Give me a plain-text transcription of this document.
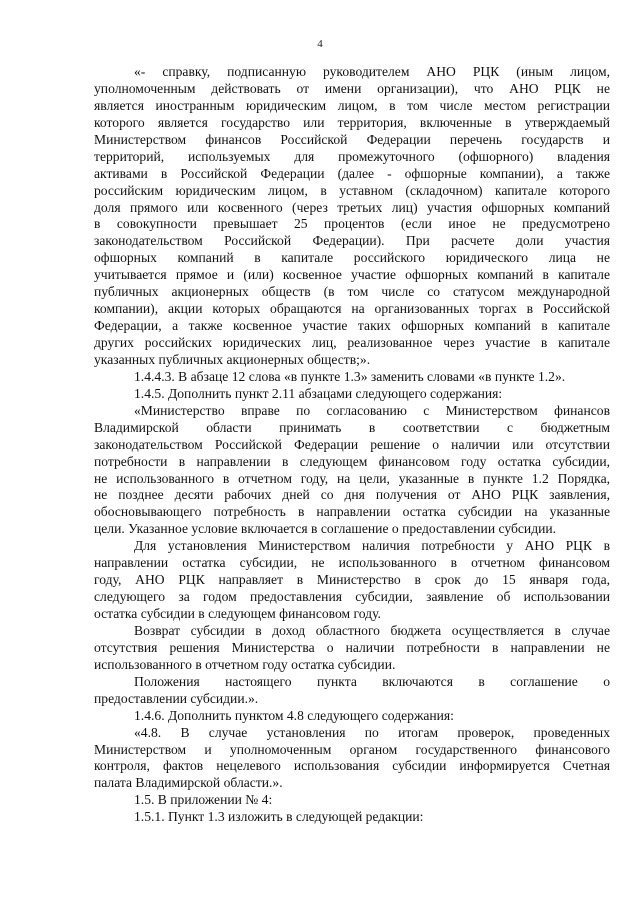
4
«- справку, подписанную руководителем АНО РЦК (иным лицом,
уполномоченным действовать от имени организации), что АНО РЦК не
является иностранным юридическим лицом, в том числе местом регистрации
которого является государство или территория, включенные в утверждаемый
Министерством финансов Российской Федерации перечень государств и
территорий, используемых для промежуточного (офшорного) владения
активами в Российской Федерации (далее - офшорные компании), а также
российским юридическим лицом, в уставном (складочном) капитале которого
доля прямого или косвенного (через третьих лиц) участия офшорных компаний
в совокупности превышает 25 процентов (если иное не предусмотрено
законодательством Российской Федерации). При расчете доли участия
офшорных компаний в капитале российского юридического лица не
учитывается прямое и (или) косвенное участие офшорных компаний в капитале
публичных акционерных обществ (в том числе со статусом международной
компании), акции которых обращаются на организованных торгах в Российской
Федерации, а также косвенное участие таких офшорных компаний в капитале
других российских юридических лиц, реализованное через участие в капитале
указанных публичных акционерных обществ;».
1.4.4.3. В абзаце 12 слова «в пункте 1.3» заменить словами «в пункте 1.2».
1.4.5. Дополнить пункт 2.11 абзацами следующего содержания:
«Министерство вправе по согласованию с Министерством финансов
Владимирской области принимать в соответствии с бюджетным
законодательством Российской Федерации решение о наличии или отсутствии
потребности в направлении в следующем финансовом году остатка субсидии,
не использованного в отчетном году, на цели, указанные в пункте 1.2 Порядка,
не позднее десяти рабочих дней со дня получения от АНО РЦК заявления,
обосновывающего потребность в направлении остатка субсидии на указанные
цели. Указанное условие включается в соглашение о предоставлении субсидии.
Для установления Министерством наличия потребности у АНО РЦК в
направлении остатка субсидии, не использованного в отчетном финансовом
году, АНО РЦК направляет в Министерство в срок до 15 января года,
следующего за годом предоставления субсидии, заявление об использовании
остатка субсидии в следующем финансовом году.
Возврат субсидии в доход областного бюджета осуществляется в случае
отсутствия решения Министерства о наличии потребности в направлении не
использованного в отчетном году остатка субсидии.
Положения настоящего пункта включаются в соглашение о
предоставлении субсидии.».
1.4.6. Дополнить пунктом 4.8 следующего содержания:
«4.8. В случае установления по итогам проверок, проведенных
Министерством и уполномоченным органом государственного финансового
контроля, фактов нецелевого использования субсидии информируется Счетная
палата Владимирской области.».
1.5. В приложении № 4:
1.5.1. Пункт 1.3 изложить в следующей редакции:
